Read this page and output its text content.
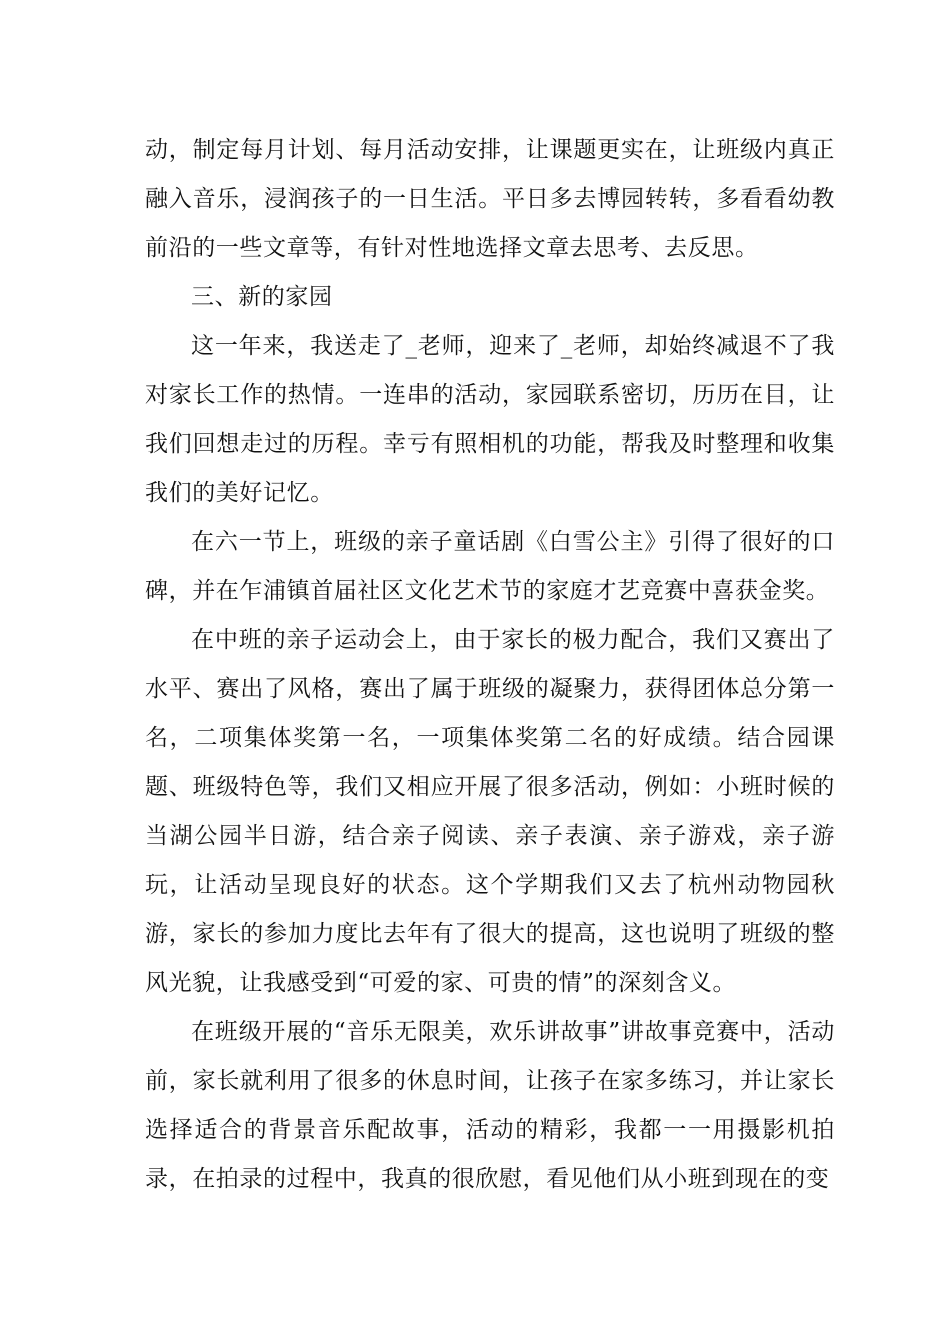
动，制定每月计划、每月活动安排，让课题更实在，让班级内真正融入音乐，浸润孩子的一日生活。平日多去博园转转，多看看幼教前沿的一些文章等，有针对性地选择文章去思考、去反思。

三、新的家园

这一年来，我送走了_老师，迎来了_老师，却始终减退不了我对家长工作的热情。一连串的活动，家园联系密切，历历在目，让我们回想走过的历程。幸亏有照相机的功能，帮我及时整理和收集我们的美好记忆。

在六一节上，班级的亲子童话剧《白雪公主》引得了很好的口碑，并在乍浦镇首届社区文化艺术节的家庭才艺竞赛中喜获金奖。

在中班的亲子运动会上，由于家长的极力配合，我们又赛出了水平、赛出了风格，赛出了属于班级的凝聚力，获得团体总分第一名，二项集体奖第一名，一项集体奖第二名的好成绩。结合园课题、班级特色等，我们又相应开展了很多活动，例如：小班时候的当湖公园半日游，结合亲子阅读、亲子表演、亲子游戏，亲子游玩，让活动呈现良好的状态。这个学期我们又去了杭州动物园秋游，家长的参加力度比去年有了很大的提高，这也说明了班级的整风光貌，让我感受到“可爱的家、可贵的情”的深刻含义。

在班级开展的“音乐无限美，欢乐讲故事”讲故事竞赛中，活动前，家长就利用了很多的休息时间，让孩子在家多练习，并让家长选择适合的背景音乐配故事，活动的精彩，我都一一用摄影机拍录，在拍录的过程中，我真的很欣慰，看见他们从小班到现在的变
